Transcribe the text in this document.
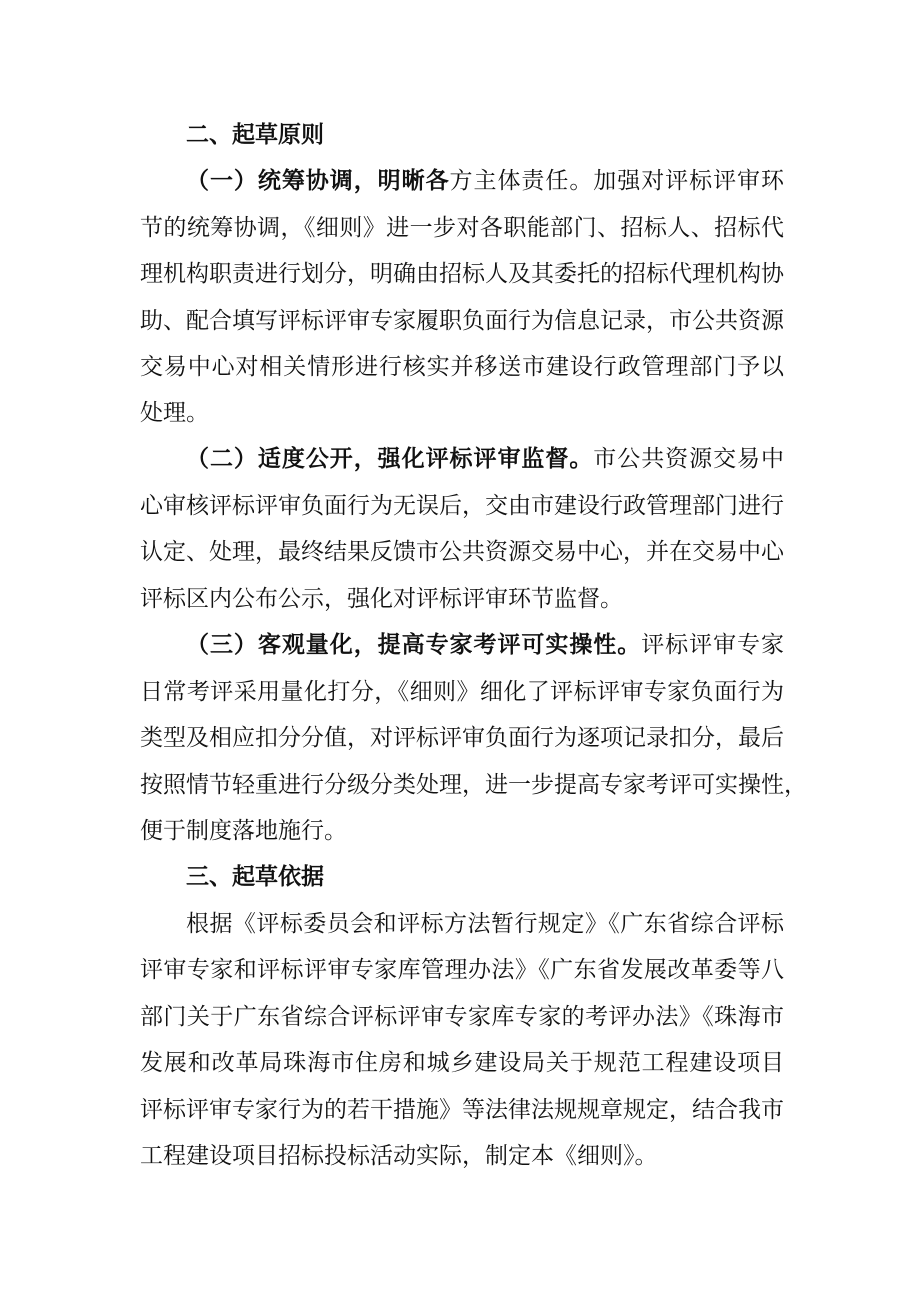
二、起草原则
（一）统筹协调，明晰各方主体责任。加强对评标评审环
节的统筹协调，《细则》进一步对各职能部门、招标人、招标代
理机构职责进行划分，明确由招标人及其委托的招标代理机构协
助、配合填写评标评审专家履职负面行为信息记录，市公共资源
交易中心对相关情形进行核实并移送市建设行政管理部门予以
处理。
（二）适度公开，强化评标评审监督。市公共资源交易中
心审核评标评审负面行为无误后，交由市建设行政管理部门进行
认定、处理，最终结果反馈市公共资源交易中心，并在交易中心
评标区内公布公示，强化对评标评审环节监督。
（三）客观量化，提高专家考评可实操性。评标评审专家
日常考评采用量化打分，《细则》细化了评标评审专家负面行为
类型及相应扣分分值，对评标评审负面行为逐项记录扣分，最后
按照情节轻重进行分级分类处理，进一步提高专家考评可实操性，
便于制度落地施行。
三、起草依据
根据《评标委员会和评标方法暂行规定》《广东省综合评标
评审专家和评标评审专家库管理办法》《广东省发展改革委等八
部门关于广东省综合评标评审专家库专家的考评办法》《珠海市
发展和改革局珠海市住房和城乡建设局关于规范工程建设项目
评标评审专家行为的若干措施》等法律法规规章规定，结合我市
工程建设项目招标投标活动实际，制定本《细则》。
